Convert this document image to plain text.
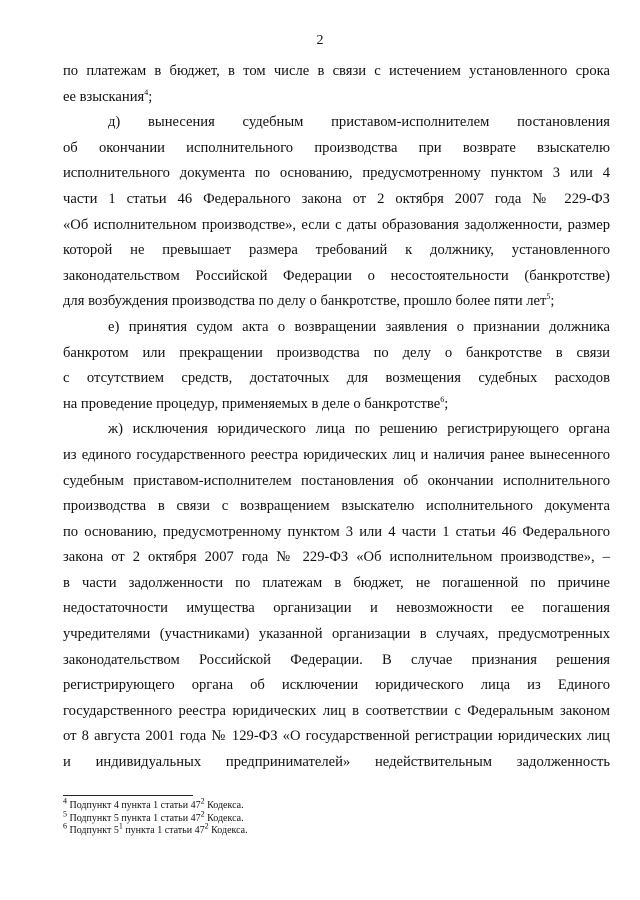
2
по платежам в бюджет, в том числе в связи с истечением установленного срока
ее взыскания$^4$;
д) вынесения судебным приставом-исполнителем постановления
об окончании исполнительного производства при возврате взыскателю
исполнительного документа по основанию, предусмотренному пунктом 3 или 4
части 1 статьи 46 Федерального закона от 2 октября 2007 года № 229-ФЗ
«Об исполнительном производстве», если с даты образования задолженности, размер
которой не превышает размера требований к должнику, установленного
законодательством Российской Федерации о несостоятельности (банкротстве)
для возбуждения производства по делу о банкротстве, прошло более пяти лет$^5$;
е) принятия судом акта о возвращении заявления о признании должника
банкротом или прекращении производства по делу о банкротстве в связи
с отсутствием средств, достаточных для возмещения судебных расходов
на проведение процедур, применяемых в деле о банкротстве$^6$;
ж) исключения юридического лица по решению регистрирующего органа
из единого государственного реестра юридических лиц и наличия ранее вынесенного
судебным приставом-исполнителем постановления об окончании исполнительного
производства в связи с возвращением взыскателю исполнительного документа
по основанию, предусмотренному пунктом 3 или 4 части 1 статьи 46 Федерального
закона от 2 октября 2007 года № 229-ФЗ «Об исполнительном производстве», –
в части задолженности по платежам в бюджет, не погашенной по причине
недостаточности имущества организации и невозможности ее погашения
учредителями (участниками) указанной организации в случаях, предусмотренных
законодательством Российской Федерации. В случае признания решения
регистрирующего органа об исключении юридического лица из Единого
государственного реестра юридических лиц в соответствии с Федеральным законом
от 8 августа 2001 года № 129-ФЗ «О государственной регистрации юридических лиц
и индивидуальных предпринимателей» недействительным задолженность
$^4$ Подпункт 4 пункта 1 статьи $47^2$ Кодекса.
$^5$ Подпункт 5 пункта 1 статьи $47^2$ Кодекса.
$^6$ Подпункт $5^1$ пункта 1 статьи $47^2$ Кодекса.
